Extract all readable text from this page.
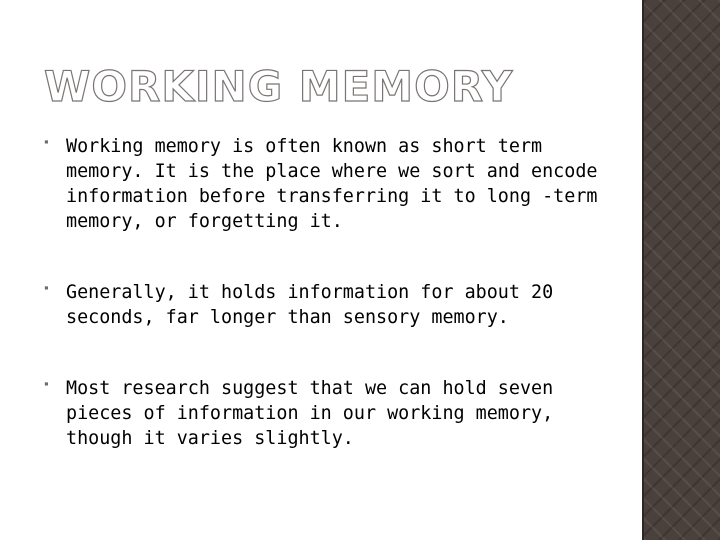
WORKING MEMORY
▪ Working memory is often known as short term memory. It is the place where we sort and encode information before transferring it to long -term memory, or forgetting it.
▪ Generally, it holds information for about 20 seconds, far longer than sensory memory.
▪ Most research suggest that we can hold seven pieces of information in our working memory, though it varies slightly.
